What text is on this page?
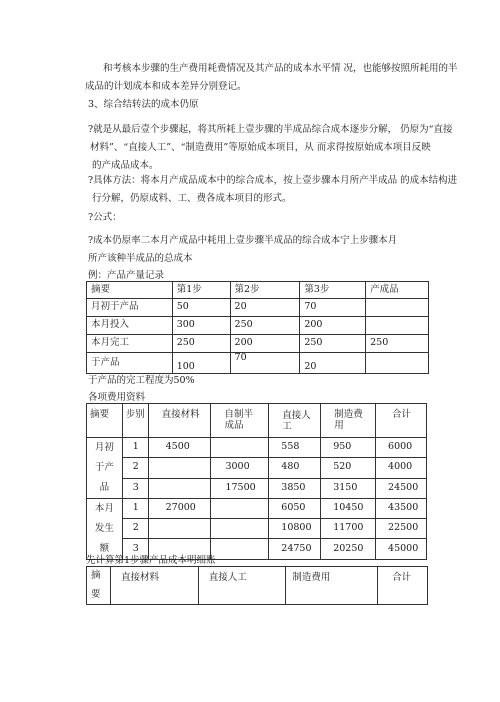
和考核本步骤的生产费用耗费情况及其产品的成本水平情 况，也能够按照所耗用的半
成品的计划成本和成本差异分别登记。
3、综合结转法的成本仍原
?就是从最后壹个步骤起，将其所耗上壹步骤的半成品综合成本逐步分解， 仍原为“直接
材料”、“直接人工”、“制造费用”等原始成本项目，从 而求得按原始成本项目反映
的产成品成本。
?具体方法：将本月产成品成本中的综合成本，按上壹步骤本月所产半成品 的成本结构进
行分解，仍原成料、工、费各成本项目的形式。
?公式：
?成本仍原率二本月产成品中耗用上壹步骤半成品的综合成本宁上步骤本月
所产该种半成品的总成本
例：产品产量记录
摘要	第1步	第2步	第3步	产成品
月初于产品	50	20	70	
本月投入	300	250	200	
本月完工	250	200	250	250
于产品	100	70	20	
于产品的完工程度为50%
各项费用资料
摘要	步别	直接材料	自制半成品	直接人工	制造费用	合计

月初
于产
品	1	4500		558	950	6000
	2		3000	480	520	4000
	3		17500	3850	3150	24500

本月
发生
额	1	27000		6050	10450	43500
	2			10800	11700	22500
	3			24750	20250	45000
先计算第1步骤产品成本明细账
摘要	直接材料	直接人工	制造费用	合计
